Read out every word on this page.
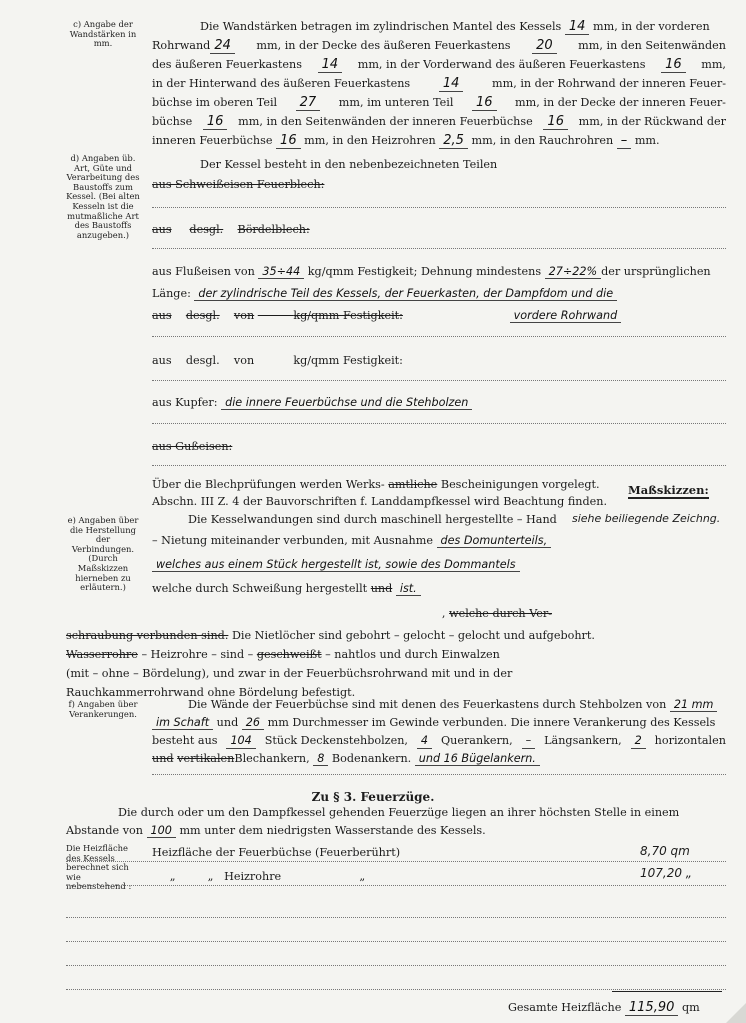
c) Angabe der Wandstärken in mm.
d) Angaben üb. Art, Güte und Verarbeitung des Baustoffs zum Kessel. (Bei alten Kesseln ist die mutmaßliche Art des Baustoffs anzugeben.)
e) Angaben über die Herstellung der Verbindungen. (Durch Maßskizzen hierneben zu erläutern.)
f) Angaben über Verankerungen.
Die Heizfläche des Kessels berechnet sich wie nebenstehend :
Die Wandstärken betragen im zylindrischen Mantel des Kessels 14 mm, in der vorderen
Rohrwand 24	mm, in der Decke des äußeren Feuerkastens	20	mm, in den Seitenwänden
des äußeren Feuerkastens	14	mm, in der Vorderwand des äußeren Feuerkastens	16	mm,
in der Hinterwand des äußeren Feuerkastens	14	mm, in der Rohrwand der inneren Feuer-
büchse im oberen Teil	27	mm, im unteren Teil	16	mm, in der Decke der inneren Feuer-
büchse	16	mm, in den Seitenwänden der inneren Feuerbüchse	16	mm, in der Rückwand der
inneren Feuerbüchse 16 mm, in den Heizrohren 2,5 mm, in den Rauchrohren – mm.
Der Kessel besteht in den nebenbezeichneten Teilen
aus Schweißeisen Feuerblech:
aus desgl. Bördelblech:
aus Flußeisen von 35÷44 kg/qmm Festigkeit; Dehnung mindestens 27÷22% der ursprünglichen
Länge: der zylindrische Teil des Kessels, der Feuerkasten, der Dampfdom und die
aus desgl. von	kg/qmm Festigkeit:	vordere Rohrwand
aus desgl. von	kg/qmm Festigkeit:
aus Kupfer: die innere Feuerbüchse und die Stehbolzen
aus Gußeisen:
Über die Blechprüfungen werden Werks- amtliche Bescheinigungen vorgelegt.
Abschn. III Z. 4 der Bauvorschriften f. Landdampfkessel wird Beachtung finden.
Maßskizzen:
siehe beiliegende Zeichng.
Die Kesselwandungen sind durch maschinell hergestellte – Hand
– Nietung miteinander verbunden, mit Ausnahme des Domunterteils,
welches aus einem Stück hergestellt ist, sowie des Dommantels
welche durch Schweißung hergestellt und ist.
, welche durch Ver-
schraubung verbunden sind. Die Nietlöcher sind gebohrt – gelocht – gelocht und aufgebohrt.
Wasserrohre – Heizrohre – sind – geschweißt – nahtlos und durch Einwalzen
(mit – ohne – Bördelung), und zwar in der Feuerbüchsrohrwand mit und in der
Rauchkammerrohrwand ohne Bördelung befestigt.
Die Wände der Feuerbüchse sind mit denen des Feuerkastens durch Stehbolzen von 21 mm
im Schaft und 26 mm Durchmesser im Gewinde verbunden. Die innere Verankerung des Kessels
besteht aus	104	Stück Deckenstehbolzen,	4	Querankern,	–	Längsankern,	2	horizontalen
und vertikalenBlechankern, 8 Bodenankern. und 16 Bügelankern.
Zu § 3. Feuerzüge.
Die durch oder um den Dampfkessel gehenden Feuerzüge liegen an ihrer höchsten Stelle in einem
Abstande von 100 mm unter dem niedrigsten Wasserstande des Kessels.
Heizfläche der Feuerbüchse (Feuerberührt)	8,70 qm
„	„ Heizrohre	„	107,20 „
Gesamte Heizfläche 115,90 qm
